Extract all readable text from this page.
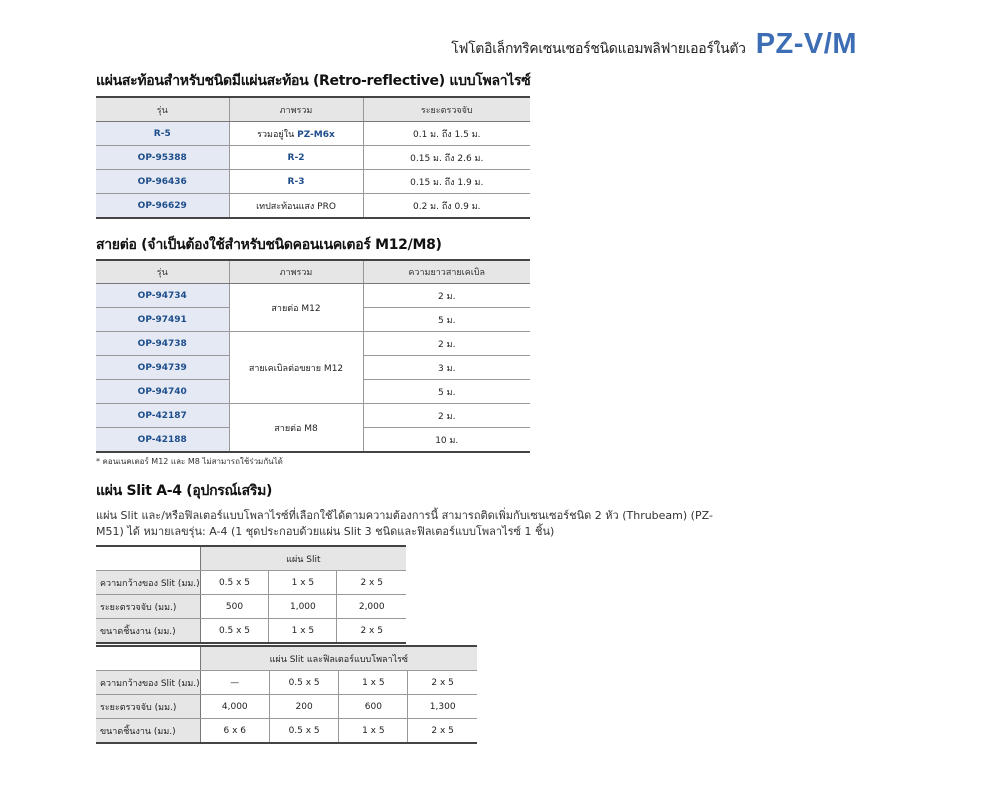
โฟโตอิเล็กทริคเซนเซอร์ชนิดแอมพลิฟายเออร์ในตัว PZ-V/M
แผ่นสะท้อนสำหรับชนิดมีแผ่นสะท้อน (Retro-reflective) แบบโพลาไรซ์
รุ่น	ภาพรวม	ระยะตรวจจับ
R-5	รวมอยู่ใน PZ-M6x	0.1 ม. ถึง 1.5 ม.
OP-95388	R-2	0.15 ม. ถึง 2.6 ม.
OP-96436	R-3	0.15 ม. ถึง 1.9 ม.
OP-96629	เทปสะท้อนแสง PRO	0.2 ม. ถึง 0.9 ม.
สายต่อ (จำเป็นต้องใช้สำหรับชนิดคอนเนคเตอร์ M12/M8)
รุ่น	ภาพรวม	ความยาวสายเคเบิล
OP-94734	สายต่อ M12	2 ม.
OP-97491		5 ม.
OP-94738	สายเคเบิลต่อขยาย M12	2 ม.
OP-94739		3 ม.
OP-94740		5 ม.
OP-42187	สายต่อ M8	2 ม.
OP-42188		10 ม.
* คอนเนคเตอร์ M12 และ M8 ไม่สามารถใช้ร่วมกันได้
แผ่น Slit A-4 (อุปกรณ์เสริม)
แผ่น Slit และ/หรือฟิลเตอร์แบบโพลาไรซ์ที่เลือกใช้ได้ตามความต้องการนี้ สามารถติดเพิ่มกับเซนเซอร์ชนิด 2 หัว (Thrubeam) (PZ-M51) ได้ หมายเลขรุ่น: A-4 (1 ชุดประกอบด้วยแผ่น Slit 3 ชนิดและฟิลเตอร์แบบโพลาไรซ์ 1 ชิ้น)
	แผ่น Slit		
ความกว้างของ Slit (มม.)	0.5 x 5	1 x 5	2 x 5
ระยะตรวจจับ (มม.)	500	1,000	2,000
ขนาดชิ้นงาน (มม.)	0.5 x 5	1 x 5	2 x 5
	แผ่น Slit และฟิลเตอร์แบบโพลาไรซ์			
ความกว้างของ Slit (มม.)	—	0.5 x 5	1 x 5	2 x 5
ระยะตรวจจับ (มม.)	4,000	200	600	1,300
ขนาดชิ้นงาน (มม.)	6 x 6	0.5 x 5	1 x 5	2 x 5
